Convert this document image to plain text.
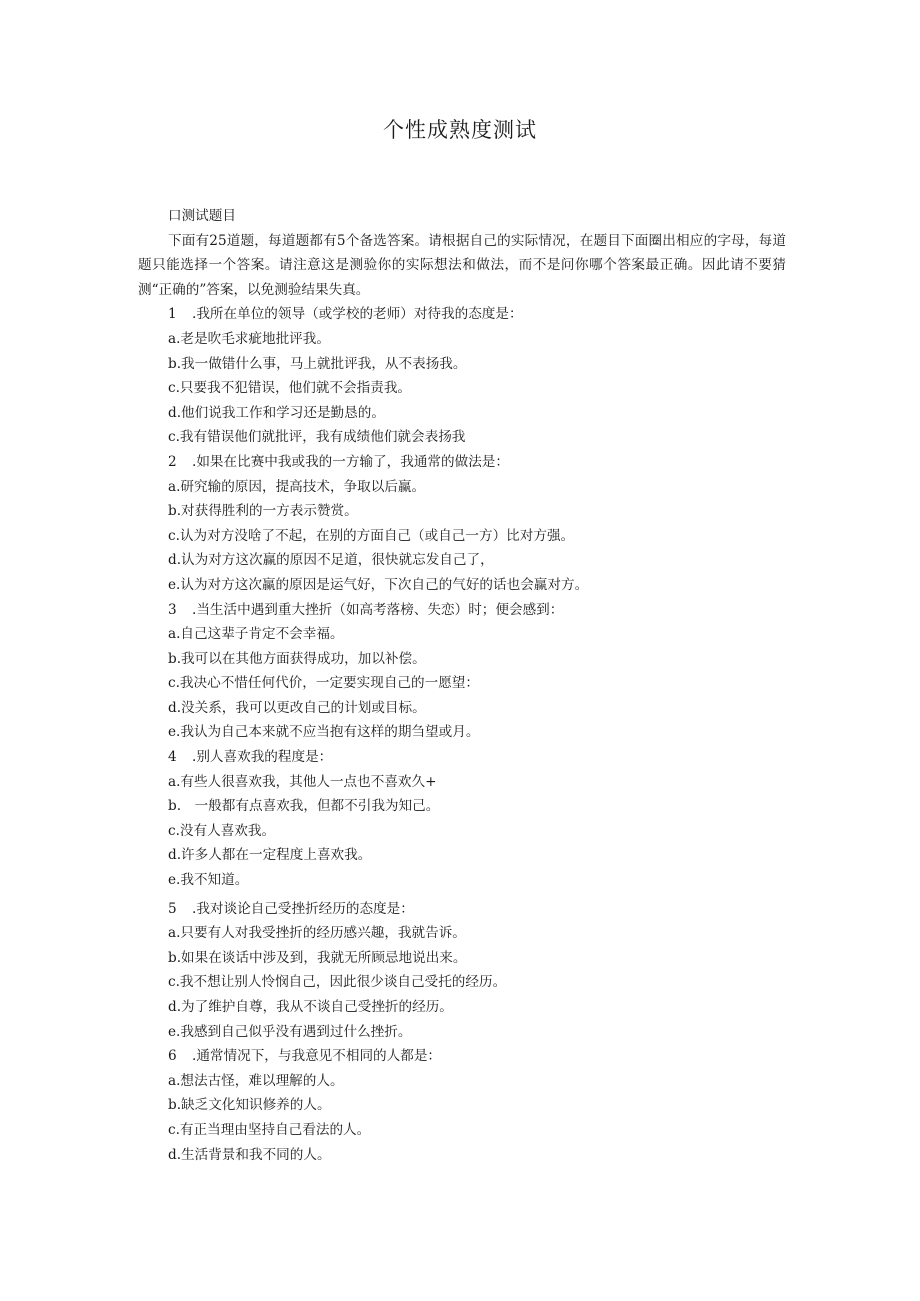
个性成熟度测试
口测试题目

下面有25道题，每道题都有5个备选答案。请根据自己的实际情况，在题目下面圈出相应的字母，每道题只能选择一个答案。请注意这是测验你的实际想法和做法，而不是问你哪个答案最正确。因此请不要猜测“正确的”答案，以免测验结果失真。

1 .我所在单位的领导（或学校的老师）对待我的态度是：
a.老是吹毛求疵地批评我。
b.我一做错什么事，马上就批评我，从不表扬我。
c.只要我不犯错误，他们就不会指责我。
d.他们说我工作和学习还是勤恳的。
c.我有错误他们就批评，我有成绩他们就会表扬我
2 .如果在比赛中我或我的一方输了，我通常的做法是：
a.研究输的原因，提高技术，争取以后赢。
b.对获得胜利的一方表示赞赏。
c.认为对方没啥了不起，在别的方面自己（或自己一方）比对方强。
d.认为对方这次赢的原因不足道，很快就忘发自己了，
e.认为对方这次赢的原因是运气好，下次自己的气好的话也会赢对方。
3 .当生活中遇到重大挫折（如高考落榜、失恋）时；便会感到：
a.自己这辈子肯定不会幸福。
b.我可以在其他方面获得成功，加以补偿。
c.我决心不惜任何代价，一定要实现自己的一愿望：
d.没关系，我可以更改自己的计划或目标。
e.我认为自己本来就不应当抱有这样的期刍望或月。
4 .别人喜欢我的程度是：
a.有些人很喜欢我，其他人一点也不喜欢久+
b.　一般都有点喜欢我，但都不引我为知己。
c.没有人喜欢我。
d.许多人都在一定程度上喜欢我。
e.我不知道。
5 .我对谈论自己受挫折经历的态度是：
a.只要有人对我受挫折的经历感兴趣，我就告诉。
b.如果在谈话中涉及到，我就无所顾忌地说出来。
c.我不想让别人怜悯自己，因此很少谈自己受托的经历。
d.为了维护自尊，我从不谈自己受挫折的经历。
e.我感到自己似乎没有遇到过什么挫折。
6 .通常情况下，与我意见不相同的人都是：
a.想法古怪，难以理解的人。
b.缺乏文化知识修养的人。
c.有正当理由坚持自己看法的人。
d.生活背景和我不同的人。
